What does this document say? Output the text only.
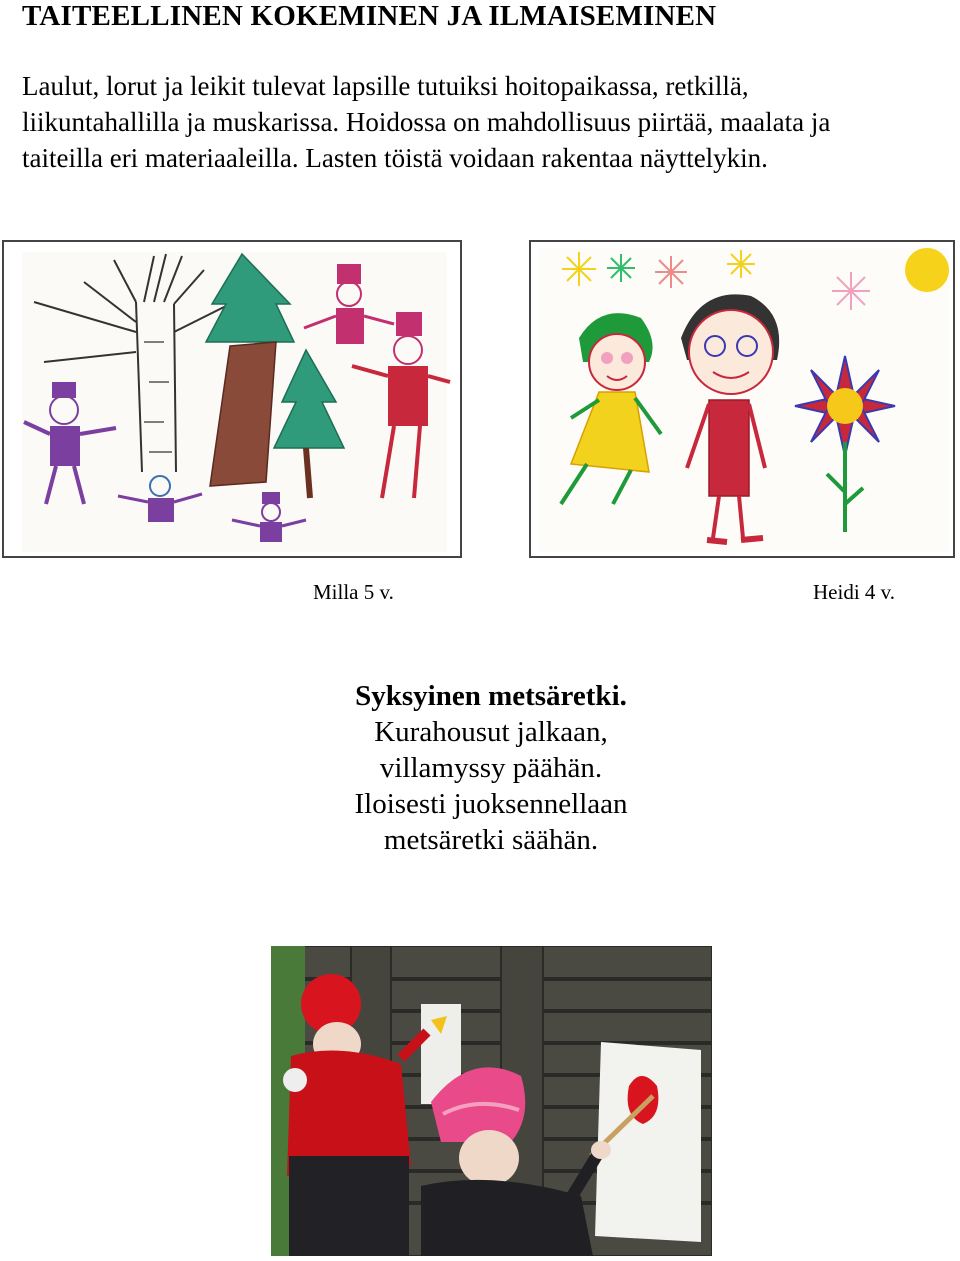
TAITEELLINEN KOKEMINEN JA ILMAISEMINEN

Laulut, lorut ja leikit tulevat lapsille tutuiksi hoitopaikassa, retkillä,
liikuntahallilla ja muskarissa. Hoidossa on mahdollisuus piirtää, maalata ja
taiteilla eri materiaaleilla. Lasten töistä voidaan rakentaa näyttelykin.

Milla 5 v.	Heidi 4 v.
Syksyinen metsäretki.
Kurahousut jalkaan,
villamyssy päähän.
Iloisesti juoksennellaan
metsäretki säähän.
